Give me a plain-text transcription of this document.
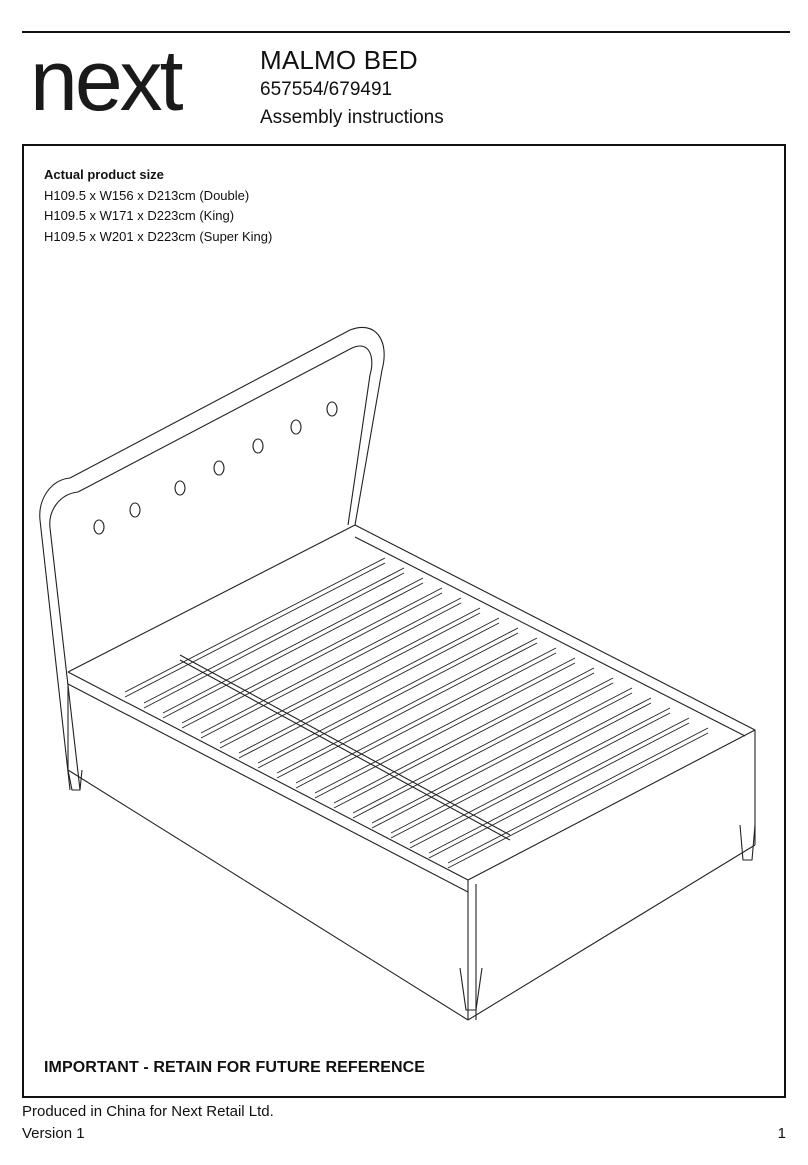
next	MALMO BED

657554/679491

Assembly instructions

Actual product size
H109.5 x W156 x D213cm (Double)
H109.5 x W171 x D223cm (King)
H109.5 x W201 x D223cm (Super King)
IMPORTANT - RETAIN FOR FUTURE REFERENCE
Produced in China for Next Retail Ltd.
Version 1	1
